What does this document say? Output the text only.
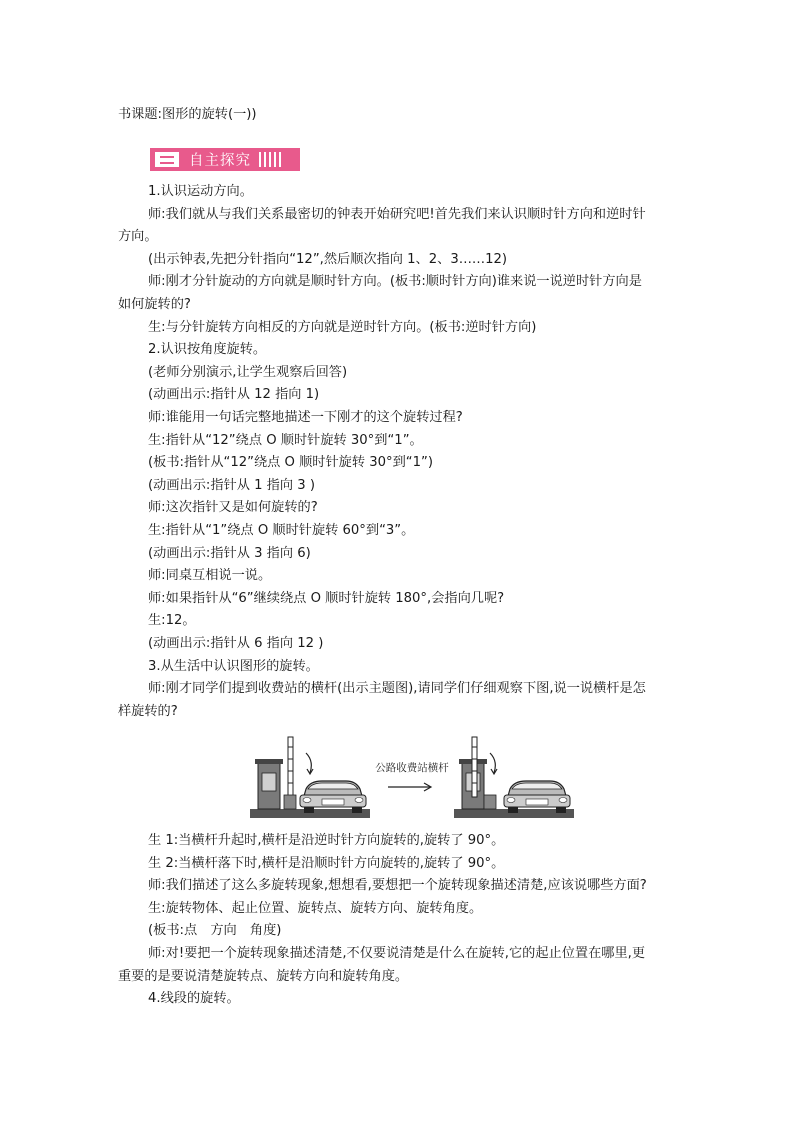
书课题:图形的旋转(一))
自主探究
1.认识运动方向。
师:我们就从与我们关系最密切的钟表开始研究吧!首先我们来认识顺时针方向和逆时针
方向。
(出示钟表,先把分针指向“12”,然后顺次指向 1、2、3……12)
师:刚才分针旋动的方向就是顺时针方向。(板书:顺时针方向)谁来说一说逆时针方向是
如何旋转的?
生:与分针旋转方向相反的方向就是逆时针方向。(板书:逆时针方向)
2.认识按角度旋转。
(老师分别演示,让学生观察后回答)
(动画出示:指针从 12 指向 1)
师:谁能用一句话完整地描述一下刚才的这个旋转过程?
生:指针从“12”绕点 O 顺时针旋转 30°到“1”。
(板书:指针从“12”绕点 O 顺时针旋转 30°到“1”)
(动画出示:指针从 1 指向 3 )
师:这次指针又是如何旋转的?
生:指针从“1”绕点 O 顺时针旋转 60°到“3”。
(动画出示:指针从 3 指向 6)
师:同桌互相说一说。
师:如果指针从“6”继续绕点 O 顺时针旋转 180°,会指向几呢?
生:12。
(动画出示:指针从 6 指向 12 )
3.从生活中认识图形的旋转。
师:刚才同学们提到收费站的横杆(出示主题图),请同学们仔细观察下图,说一说横杆是怎
样旋转的?
公路收费站横杆
生 1:当横杆升起时,横杆是沿逆时针方向旋转的,旋转了 90°。
生 2:当横杆落下时,横杆是沿顺时针方向旋转的,旋转了 90°。
师:我们描述了这么多旋转现象,想想看,要想把一个旋转现象描述清楚,应该说哪些方面?
生:旋转物体、起止位置、旋转点、旋转方向、旋转角度。
(板书:点　方向　角度)
师:对!要把一个旋转现象描述清楚,不仅要说清楚是什么在旋转,它的起止位置在哪里,更
重要的是要说清楚旋转点、旋转方向和旋转角度。
4.线段的旋转。
